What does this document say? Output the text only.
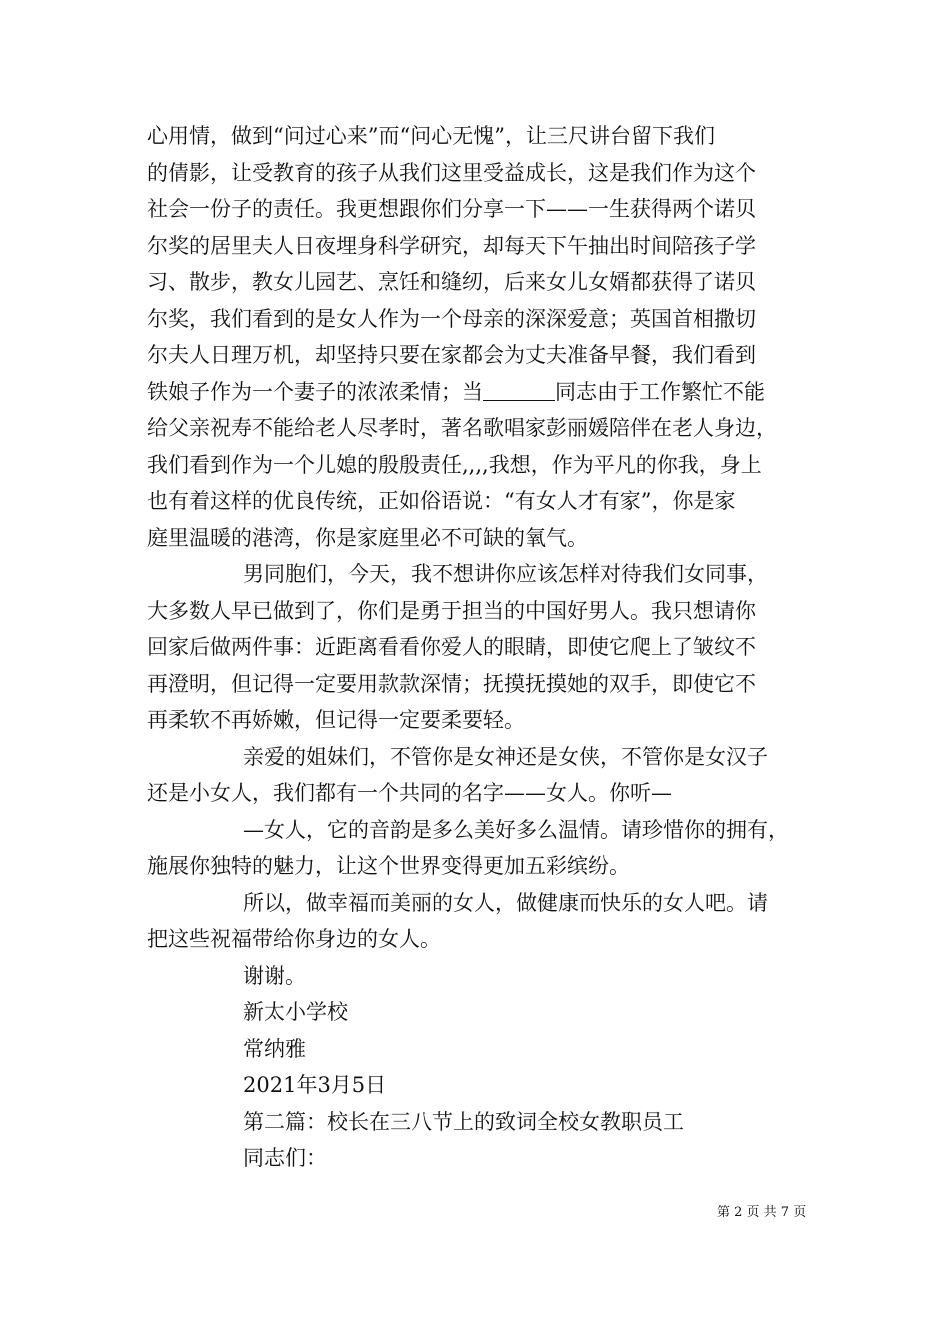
心用情，做到“问过心来”而“问心无愧”，让三尺讲台留下我们
的倩影，让受教育的孩子从我们这里受益成长，这是我们作为这个
社会一份子的责任。我更想跟你们分享一下——一生获得两个诺贝
尔奖的居里夫人日夜埋身科学研究，却每天下午抽出时间陪孩子学
习、散步，教女儿园艺、烹饪和缝纫，后来女儿女婿都获得了诺贝
尔奖，我们看到的是女人作为一个母亲的深深爱意；英国首相撒切
尔夫人日理万机，却坚持只要在家都会为丈夫准备早餐，我们看到
铁娘子作为一个妻子的浓浓柔情；当	同志由于工作繁忙不能
给父亲祝寿不能给老人尽孝时，著名歌唱家彭丽媛陪伴在老人身边，
我们看到作为一个儿媳的殷殷责任,,,,我想，作为平凡的你我，身上
也有着这样的优良传统，正如俗语说：“有女人才有家”，你是家
庭里温暖的港湾，你是家庭里必不可缺的氧气。
男同胞们，今天，我不想讲你应该怎样对待我们女同事，
大多数人早已做到了，你们是勇于担当的中国好男人。我只想请你
回家后做两件事：近距离看看你爱人的眼睛，即使它爬上了皱纹不
再澄明，但记得一定要用款款深情；抚摸抚摸她的双手，即使它不
再柔软不再娇嫩，但记得一定要柔要轻。
亲爱的姐妹们，不管你是女神还是女侠，不管你是女汉子
还是小女人，我们都有一个共同的名字——女人。你听—
—女人，它的音韵是多么美好多么温情。请珍惜你的拥有，
施展你独特的魅力，让这个世界变得更加五彩缤纷。
所以，做幸福而美丽的女人，做健康而快乐的女人吧。请
把这些祝福带给你身边的女人。
谢谢。
新太小学校
常纳雅
2021年3月5日
第二篇：校长在三八节上的致词全校女教职员工
同志们：
第 2 页 共 7 页
